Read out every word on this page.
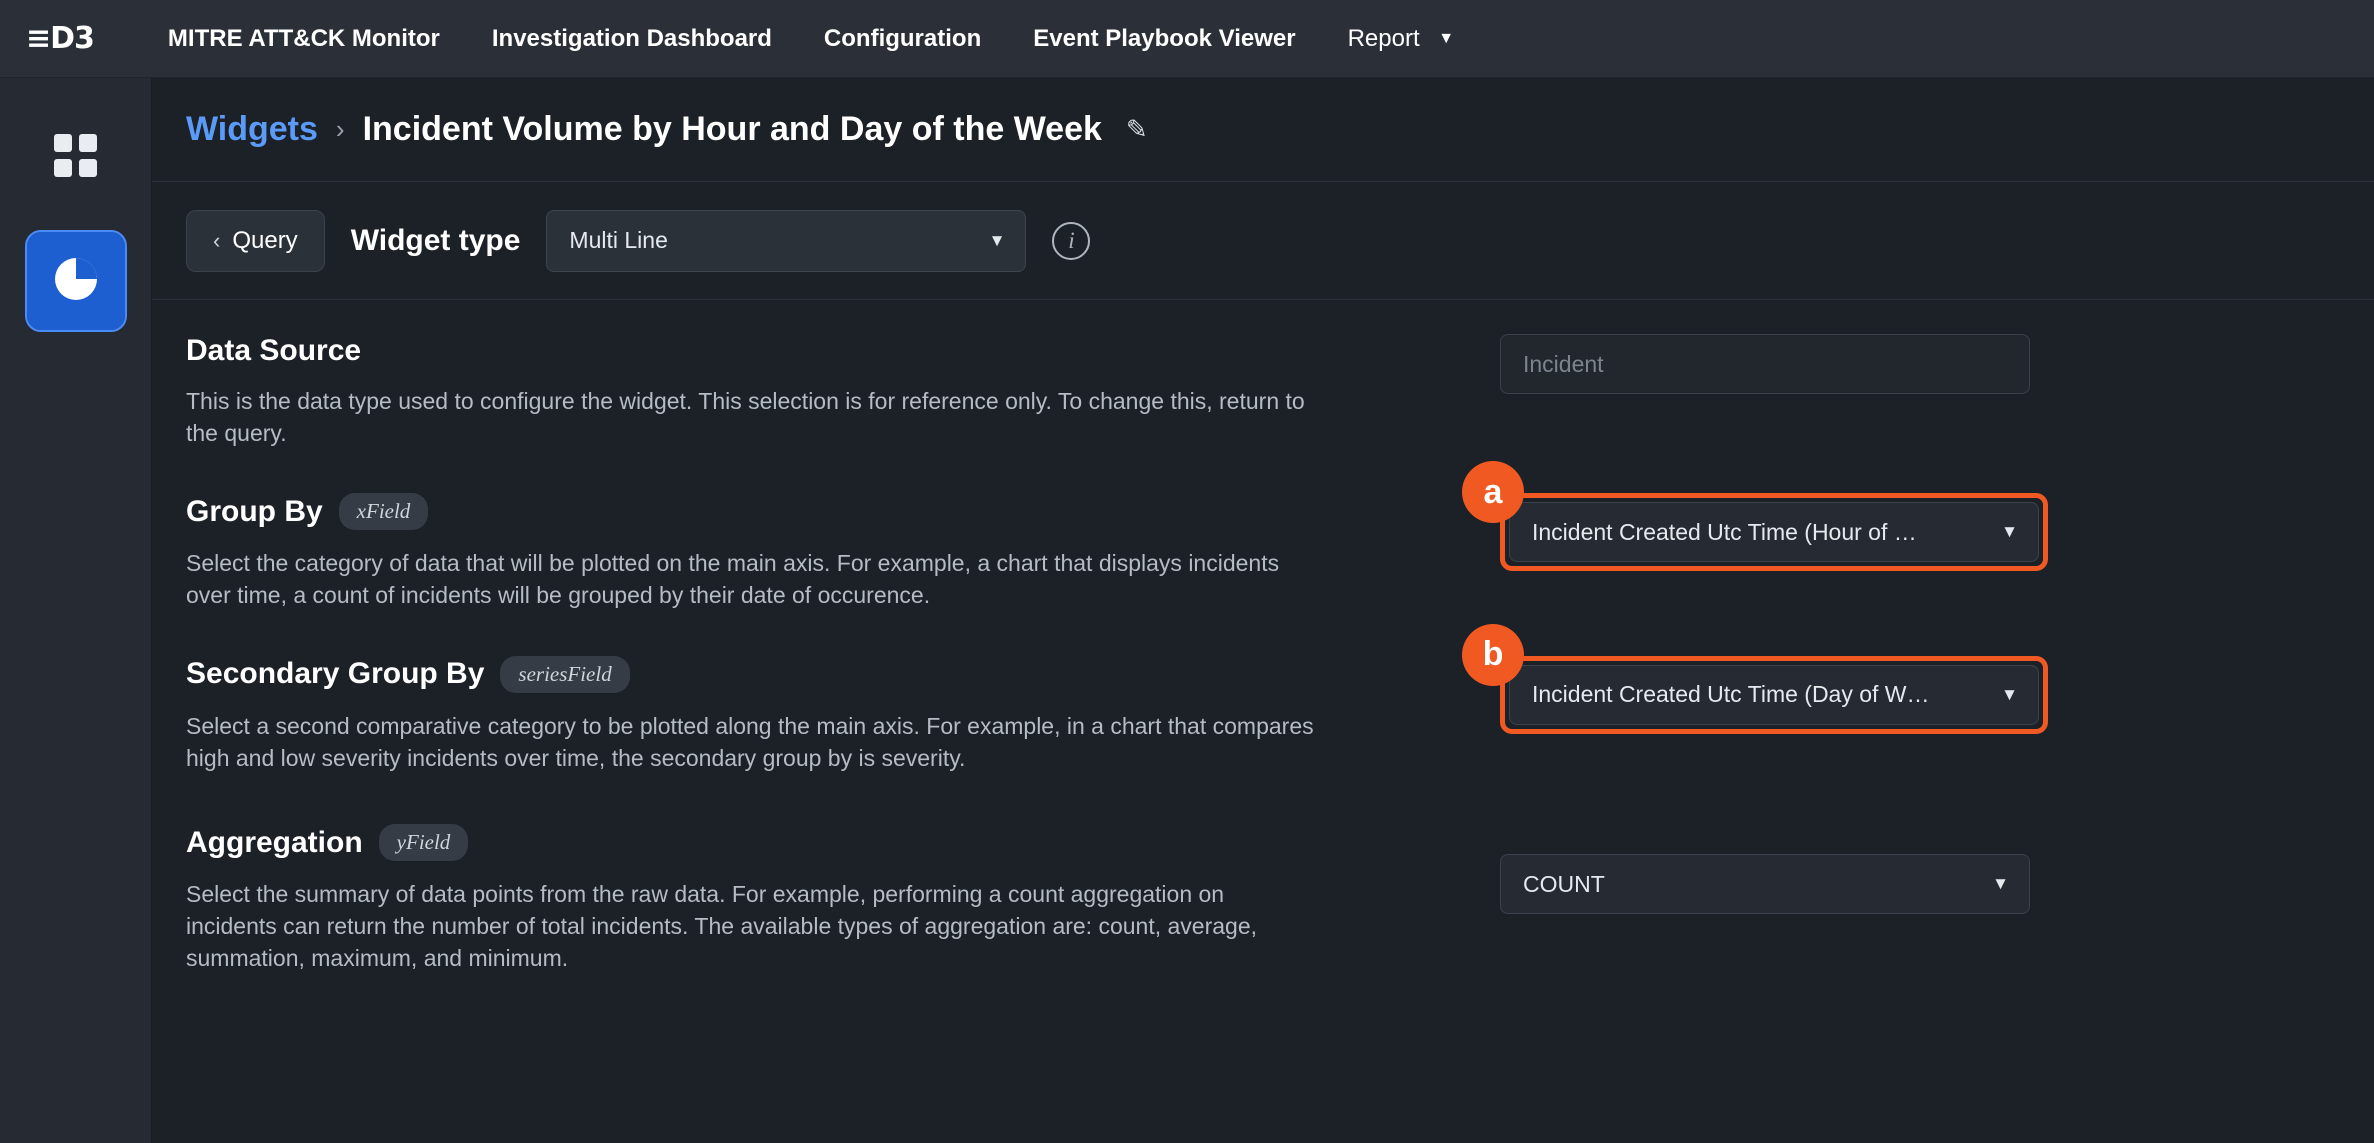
≡D3	MITRE ATT&CK Monitor	Investigation Dashboard	Configuration	Event Playbook Viewer	Report ▼
Widgets › Incident Volume by Hour and Day of the Week ✎
‹ Query Widget type Multi Line	▼	i
Data Source
This is the data type used to configure the widget. This selection is for reference only. To change this, return to the query.
Incident
Group By	xField
Select the category of data that will be plotted on the main axis. For example, a chart that displays incidents over time, a count of incidents will be grouped by their date of occurence.
a
Incident Created Utc Time (Hour of …	▼
Secondary Group By	seriesField
Select a second comparative category to be plotted along the main axis. For example, in a chart that compares high and low severity incidents over time, the secondary group by is severity.
b
Incident Created Utc Time (Day of W…	▼
Aggregation	yField
Select the summary of data points from the raw data. For example, performing a count aggregation on incidents can return the number of total incidents. The available types of aggregation are: count, average, summation, maximum, and minimum.
COUNT	▼
